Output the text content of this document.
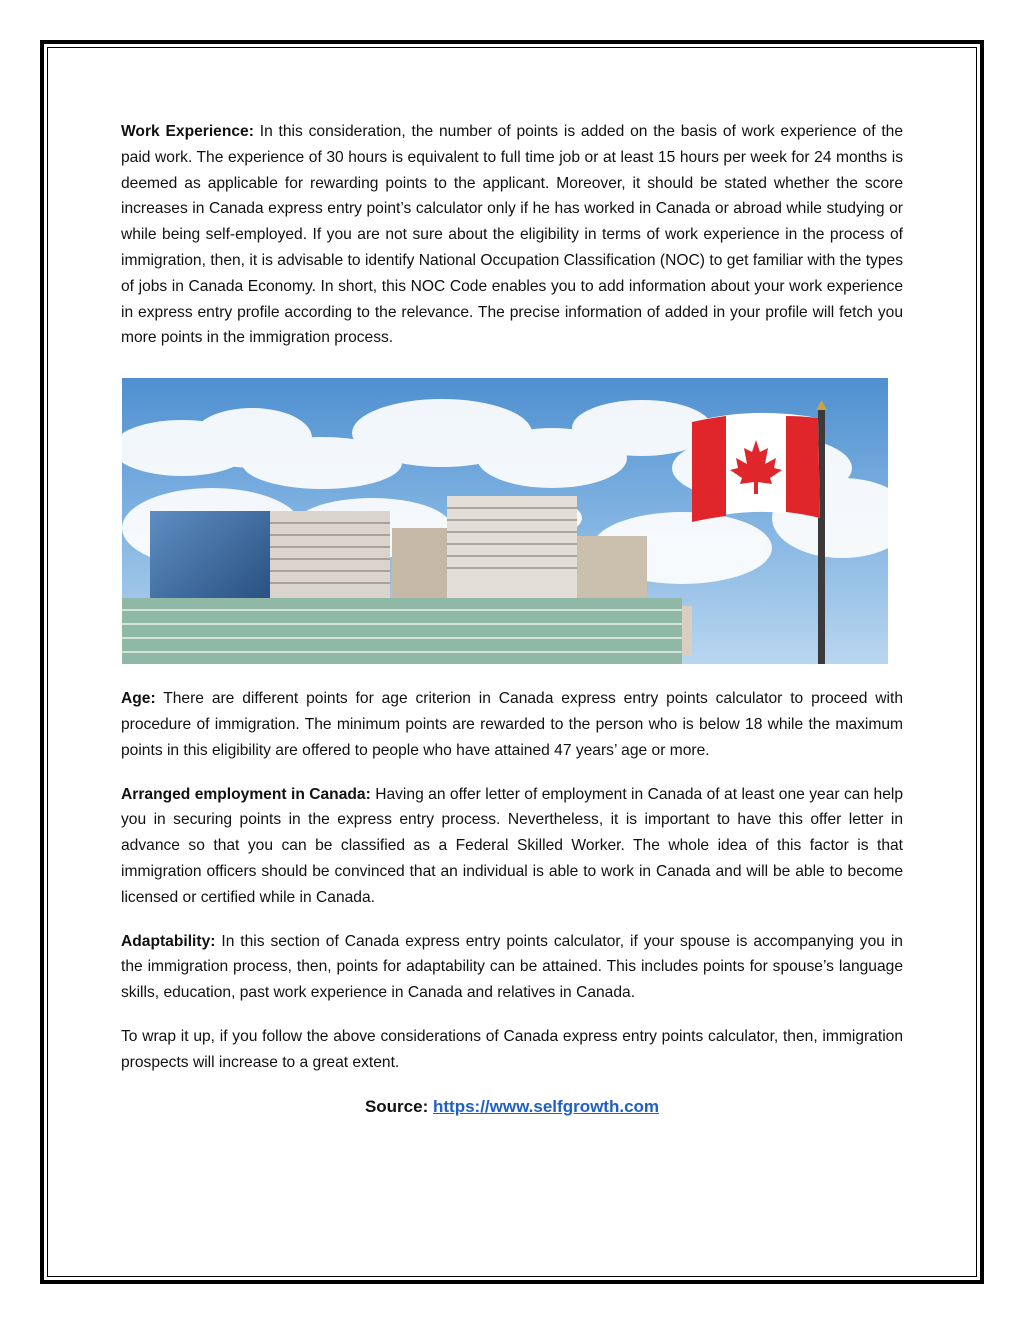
Work Experience: In this consideration, the number of points is added on the basis of work experience of the paid work. The experience of 30 hours is equivalent to full time job or at least 15 hours per week for 24 months is deemed as applicable for rewarding points to the applicant. Moreover, it should be stated whether the score increases in Canada express entry point’s calculator only if he has worked in Canada or abroad while studying or while being self-employed. If you are not sure about the eligibility in terms of work experience in the process of immigration, then, it is advisable to identify National Occupation Classification (NOC) to get familiar with the types of jobs in Canada Economy. In short, this NOC Code enables you to add information about your work experience in express entry profile according to the relevance. The precise information of added in your profile will fetch you more points in the immigration process.

Age: There are different points for age criterion in Canada express entry points calculator to proceed with procedure of immigration. The minimum points are rewarded to the person who is below 18 while the maximum points in this eligibility are offered to people who have attained 47 years’ age or more.

Arranged employment in Canada: Having an offer letter of employment in Canada of at least one year can help you in securing points in the express entry process. Nevertheless, it is important to have this offer letter in advance so that you can be classified as a Federal Skilled Worker. The whole idea of this factor is that immigration officers should be convinced that an individual is able to work in Canada and will be able to become licensed or certified while in Canada.

Adaptability: In this section of Canada express entry points calculator, if your spouse is accompanying you in the immigration process, then, points for adaptability can be attained. This includes points for spouse’s language skills, education, past work experience in Canada and relatives in Canada.

To wrap it up, if you follow the above considerations of Canada express entry points calculator, then, immigration prospects will increase to a great extent.

Source: https://www.selfgrowth.com
